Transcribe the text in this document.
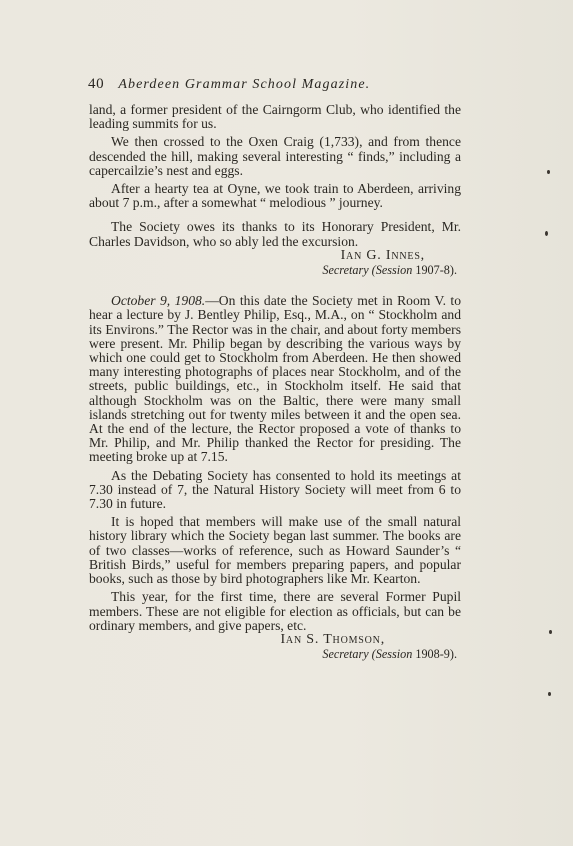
40 Aberdeen Grammar School Magazine.

land, a former president of the Cairngorm Club, who identified the leading summits for us.

We then crossed to the Oxen Craig (1,733), and from thence descended the hill, making several interesting “ finds,” including a capercailzie’s nest and eggs.

After a hearty tea at Oyne, we took train to Aberdeen, arriving about 7 p.m., after a somewhat “ melodious ” journey.

The Society owes its thanks to its Honorary President, Mr. Charles Davidson, who so ably led the excursion.

Ian G. Innes,

Secretary (Session 1907-8).

October 9, 1908.—On this date the Society met in Room V. to hear a lecture by J. Bentley Philip, Esq., M.A., on “ Stockholm and its Environs.” The Rector was in the chair, and about forty members were present. Mr. Philip began by describing the various ways by which one could get to Stockholm from Aberdeen. He then showed many interesting photographs of places near Stockholm, and of the streets, public buildings, etc., in Stockholm itself. He said that although Stockholm was on the Baltic, there were many small islands stretching out for twenty miles between it and the open sea. At the end of the lecture, the Rector proposed a vote of thanks to Mr. Philip, and Mr. Philip thanked the Rector for presiding. The meeting broke up at 7.15.

As the Debating Society has consented to hold its meetings at 7.30 instead of 7, the Natural History Society will meet from 6 to 7.30 in future.

It is hoped that members will make use of the small natural history library which the Society began last summer. The books are of two classes—works of reference, such as Howard Saunder’s “ British Birds,” useful for members preparing papers, and popular books, such as those by bird photographers like Mr. Kearton.

This year, for the first time, there are several Former Pupil members. These are not eligible for election as officials, but can be ordinary members, and give papers, etc.

Ian S. Thomson,

Secretary (Session 1908-9).
